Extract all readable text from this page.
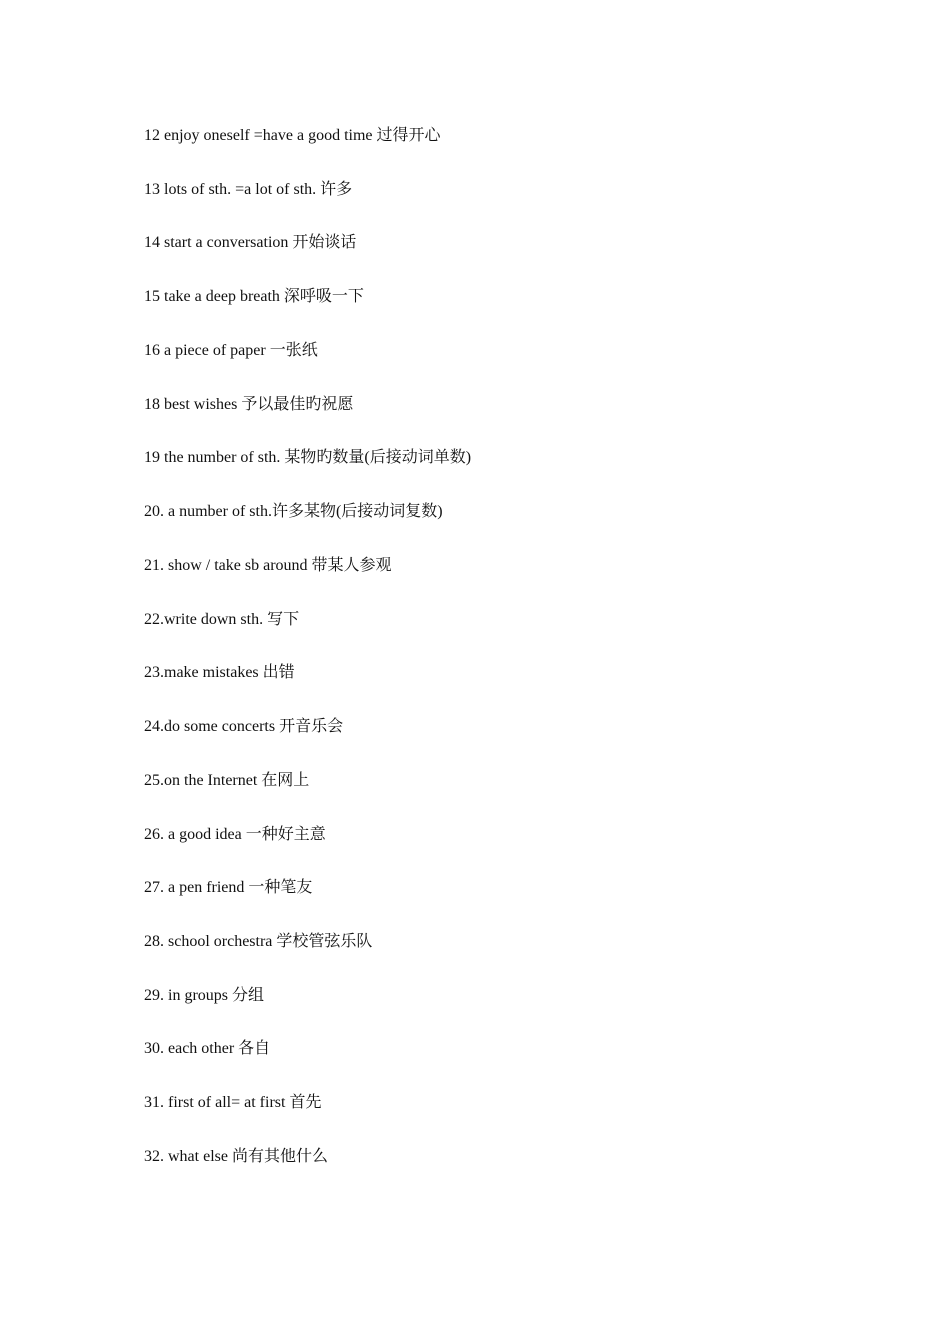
12 enjoy oneself =have a good time 过得开心
13 lots of sth. =a lot of sth. 许多
14 start a conversation 开始谈话
15 take a deep breath 深呼吸一下
16 a piece of paper 一张纸
18 best wishes 予以最佳旳祝愿
19 the number of sth. 某物旳数量(后接动词单数)
20. a number of sth.许多某物(后接动词复数)
21. show / take sb around 带某人参观
22.write down sth. 写下
23.make mistakes 出错
24.do some concerts 开音乐会
25.on the Internet 在网上
26. a good idea 一种好主意
27. a pen friend 一种笔友
28. school orchestra 学校管弦乐队
29. in groups 分组
30. each other 各自
31. first of all= at first 首先
32. what else 尚有其他什么
